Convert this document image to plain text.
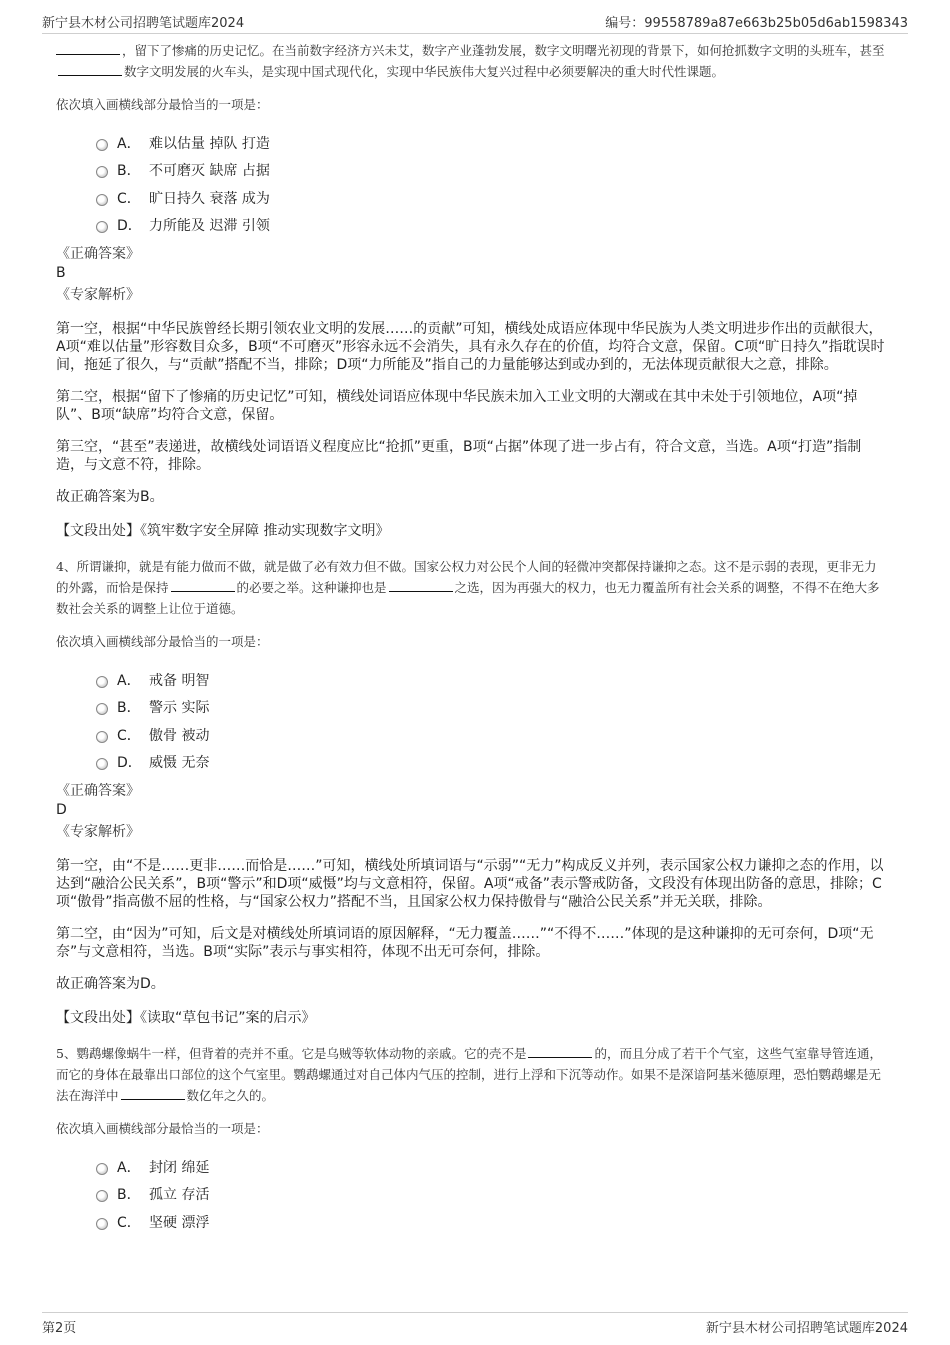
新宁县木材公司招聘笔试题库2024	编号：99558789a87e663b25b05d6ab1598343
，留下了惨痛的历史记忆。在当前数字经济方兴未艾，数字产业蓬勃发展，数字文明曙光初现的背景下，如何抢抓数字文明的头班车，甚至数字文明发展的火车头，是实现中国式现代化，实现中华民族伟大复兴过程中必须要解决的重大时代性课题。
依次填入画横线部分最恰当的一项是：
A． 难以估量 掉队 打造
B． 不可磨灭 缺席 占据
C． 旷日持久 衰落 成为
D． 力所能及 迟滞 引领
《正确答案》
B
《专家解析》

第一空，根据“中华民族曾经长期引领农业文明的发展……的贡献”可知，横线处成语应体现中华民族为人类文明进步作出的贡献很大，A项“难以估量”形容数目众多，B项“不可磨灭”形容永远不会消失，具有永久存在的价值，均符合文意，保留。C项“旷日持久”指耽误时间，拖延了很久，与“贡献”搭配不当，排除；D项“力所能及”指自己的力量能够达到或办到的，无法体现贡献很大之意，排除。

第二空，根据“留下了惨痛的历史记忆”可知，横线处词语应体现中华民族未加入工业文明的大潮或在其中未处于引领地位，A项“掉队”、B项“缺席”均符合文意，保留。

第三空，“甚至”表递进，故横线处词语语义程度应比“抢抓”更重，B项“占据”体现了进一步占有，符合文意，当选。A项“打造”指制造，与文意不符，排除。

故正确答案为B。

【文段出处】《筑牢数字安全屏障 推动实现数字文明》
4、所谓谦抑，就是有能力做而不做，就是做了必有效力但不做。国家公权力对公民个人间的轻微冲突都保持谦抑之态。这不是示弱的表现，更非无力的外露，而恰是保持	的必要之举。这种谦抑也是	之选，因为再强大的权力，也无力覆盖所有社会关系的调整，不得不在绝大多数社会关系的调整上让位于道德。
依次填入画横线部分最恰当的一项是：
A． 戒备 明智
B． 警示 实际
C． 傲骨 被动
D． 威慑 无奈
《正确答案》
D
《专家解析》

第一空，由“不是……更非……而恰是……”可知，横线处所填词语与“示弱”“无力”构成反义并列，表示国家公权力谦抑之态的作用，以达到“融洽公民关系”，B项“警示”和D项“威慑”均与文意相符，保留。A项“戒备”表示警戒防备，文段没有体现出防备的意思，排除；C项“傲骨”指高傲不屈的性格，与“国家公权力”搭配不当，且国家公权力保持傲骨与“融洽公民关系”并无关联，排除。

第二空，由“因为”可知，后文是对横线处所填词语的原因解释，“无力覆盖……”“不得不……”体现的是这种谦抑的无可奈何，D项“无奈”与文意相符，当选。B项“实际”表示与事实相符，体现不出无可奈何，排除。

故正确答案为D。

【文段出处】《读取“草包书记”案的启示》
5、鹦鹉螺像蜗牛一样，但背着的壳并不重。它是乌贼等软体动物的亲戚。它的壳不是	的，而且分成了若干个气室，这些气室靠导管连通，而它的身体在最靠出口部位的这个气室里。鹦鹉螺通过对自己体内气压的控制，进行上浮和下沉等动作。如果不是深谙阿基米德原理，恐怕鹦鹉螺是无法在海洋中	数亿年之久的。
依次填入画横线部分最恰当的一项是：
A． 封闭 绵延
B． 孤立 存活
C． 坚硬 漂浮
第2页	新宁县木材公司招聘笔试题库2024
